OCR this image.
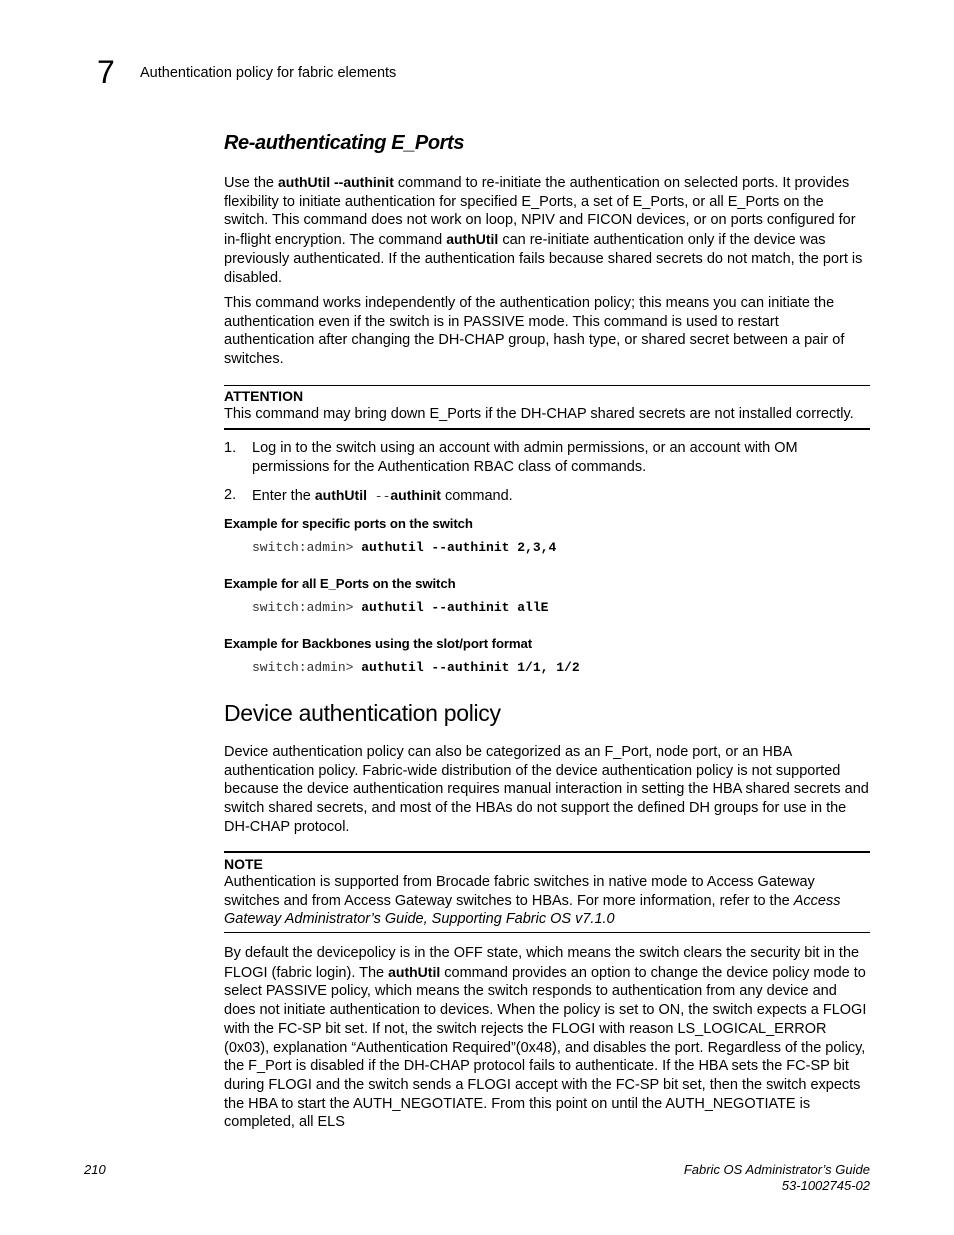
7 Authentication policy for fabric elements
Re-authenticating E_Ports
Use the authUtil --authinit command to re-initiate the authentication on selected ports. It provides flexibility to initiate authentication for specified E_Ports, a set of E_Ports, or all E_Ports on the switch. This command does not work on loop, NPIV and FICON devices, or on ports configured for in-flight encryption. The command authUtil can re-initiate authentication only if the device was previously authenticated. If the authentication fails because shared secrets do not match, the port is disabled.
This command works independently of the authentication policy; this means you can initiate the authentication even if the switch is in PASSIVE mode. This command is used to restart authentication after changing the DH-CHAP group, hash type, or shared secret between a pair of switches.
ATTENTION
This command may bring down E_Ports if the DH-CHAP shared secrets are not installed correctly.
1. Log in to the switch using an account with admin permissions, or an account with OM permissions for the Authentication RBAC class of commands.
2. Enter the authUtil --authinit command.
Example for specific ports on the switch
switch:admin> authutil --authinit 2,3,4
Example for all E_Ports on the switch
switch:admin> authutil --authinit allE
Example for Backbones using the slot/port format
switch:admin> authutil --authinit 1/1, 1/2
Device authentication policy
Device authentication policy can also be categorized as an F_Port, node port, or an HBA authentication policy. Fabric-wide distribution of the device authentication policy is not supported because the device authentication requires manual interaction in setting the HBA shared secrets and switch shared secrets, and most of the HBAs do not support the defined DH groups for use in the DH-CHAP protocol.
NOTE
Authentication is supported from Brocade fabric switches in native mode to Access Gateway switches and from Access Gateway switches to HBAs. For more information, refer to the Access Gateway Administrator’s Guide, Supporting Fabric OS v7.1.0
By default the devicepolicy is in the OFF state, which means the switch clears the security bit in the FLOGI (fabric login). The authUtil command provides an option to change the device policy mode to select PASSIVE policy, which means the switch responds to authentication from any device and does not initiate authentication to devices. When the policy is set to ON, the switch expects a FLOGI with the FC-SP bit set. If not, the switch rejects the FLOGI with reason LS_LOGICAL_ERROR (0x03), explanation “Authentication Required”(0x48), and disables the port. Regardless of the policy, the F_Port is disabled if the DH-CHAP protocol fails to authenticate. If the HBA sets the FC-SP bit during FLOGI and the switch sends a FLOGI accept with the FC-SP bit set, then the switch expects the HBA to start the AUTH_NEGOTIATE. From this point on until the AUTH_NEGOTIATE is completed, all ELS
210	Fabric OS Administrator’s Guide
53-1002745-02
